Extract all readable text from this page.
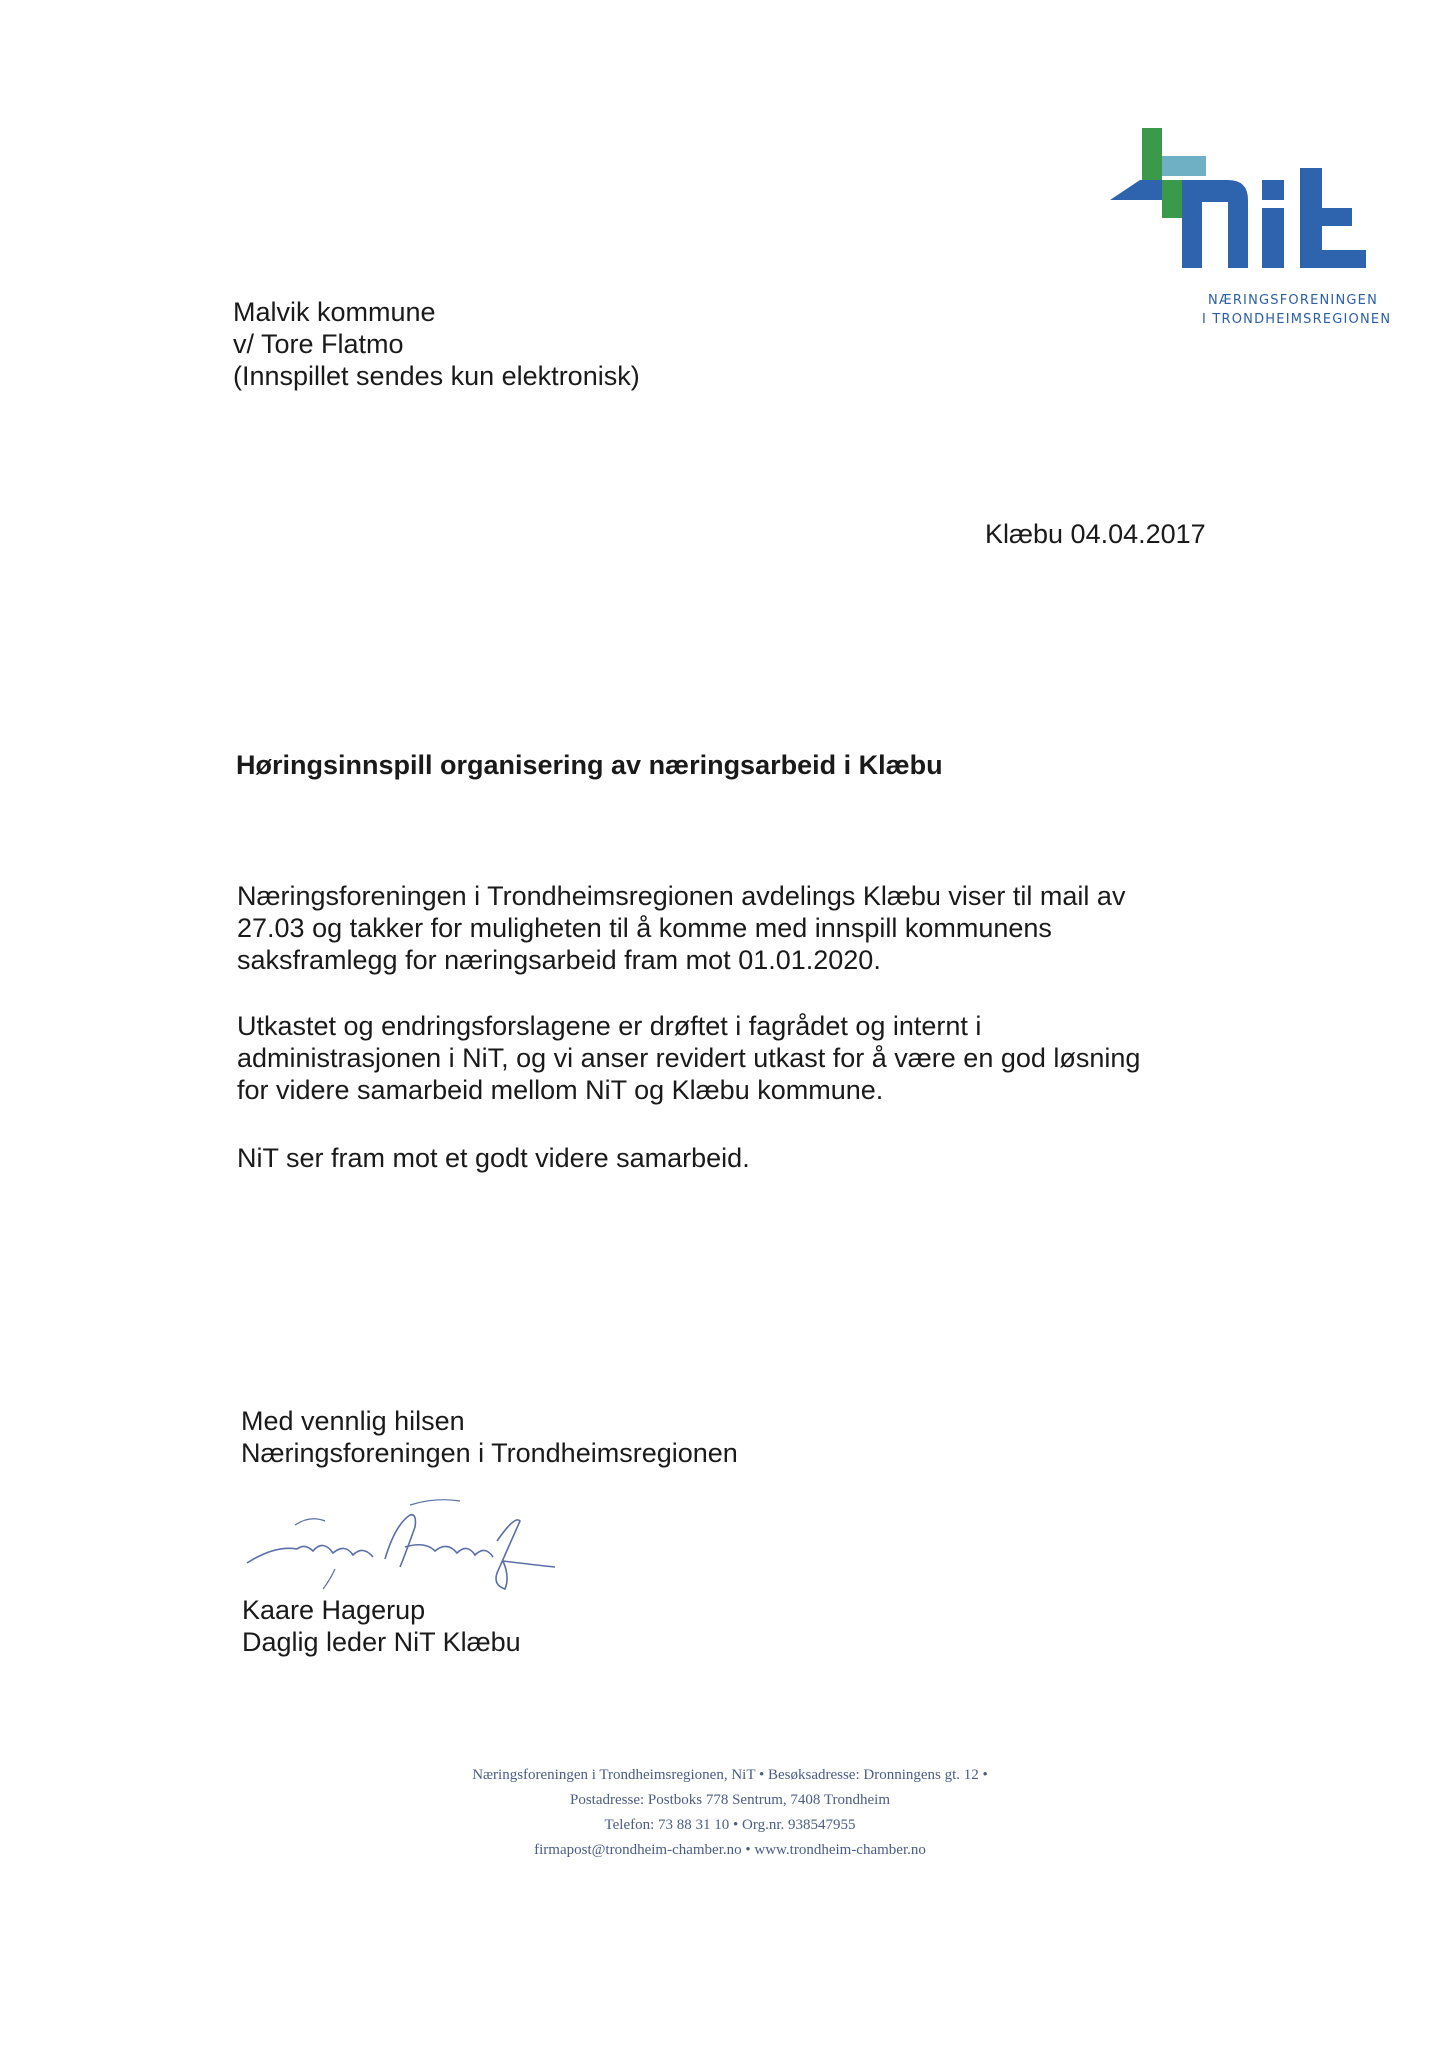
NÆRINGSFORENINGEN
I TRONDHEIMSREGIONEN
Malvik kommune
v/ Tore Flatmo
(Innspillet sendes kun elektronisk)
Klæbu 04.04.2017
Høringsinnspill organisering av næringsarbeid i Klæbu
Næringsforeningen i Trondheimsregionen avdelings Klæbu viser til mail av
27.03 og takker for muligheten til å komme med innspill kommunens
saksframlegg for næringsarbeid fram mot 01.01.2020.
Utkastet og endringsforslagene er drøftet i fagrådet og internt i
administrasjonen i NiT, og vi anser revidert utkast for å være en god løsning
for videre samarbeid mellom NiT og Klæbu kommune.
NiT ser fram mot et godt videre samarbeid.
Med vennlig hilsen
Næringsforeningen i Trondheimsregionen
Kaare Hagerup
Daglig leder NiT Klæbu
Næringsforeningen i Trondheimsregionen, NiT • Besøksadresse: Dronningens gt. 12 •
Postadresse: Postboks 778 Sentrum, 7408 Trondheim
Telefon: 73 88 31 10 • Org.nr. 938547955
firmapost@trondheim-chamber.no • www.trondheim-chamber.no
